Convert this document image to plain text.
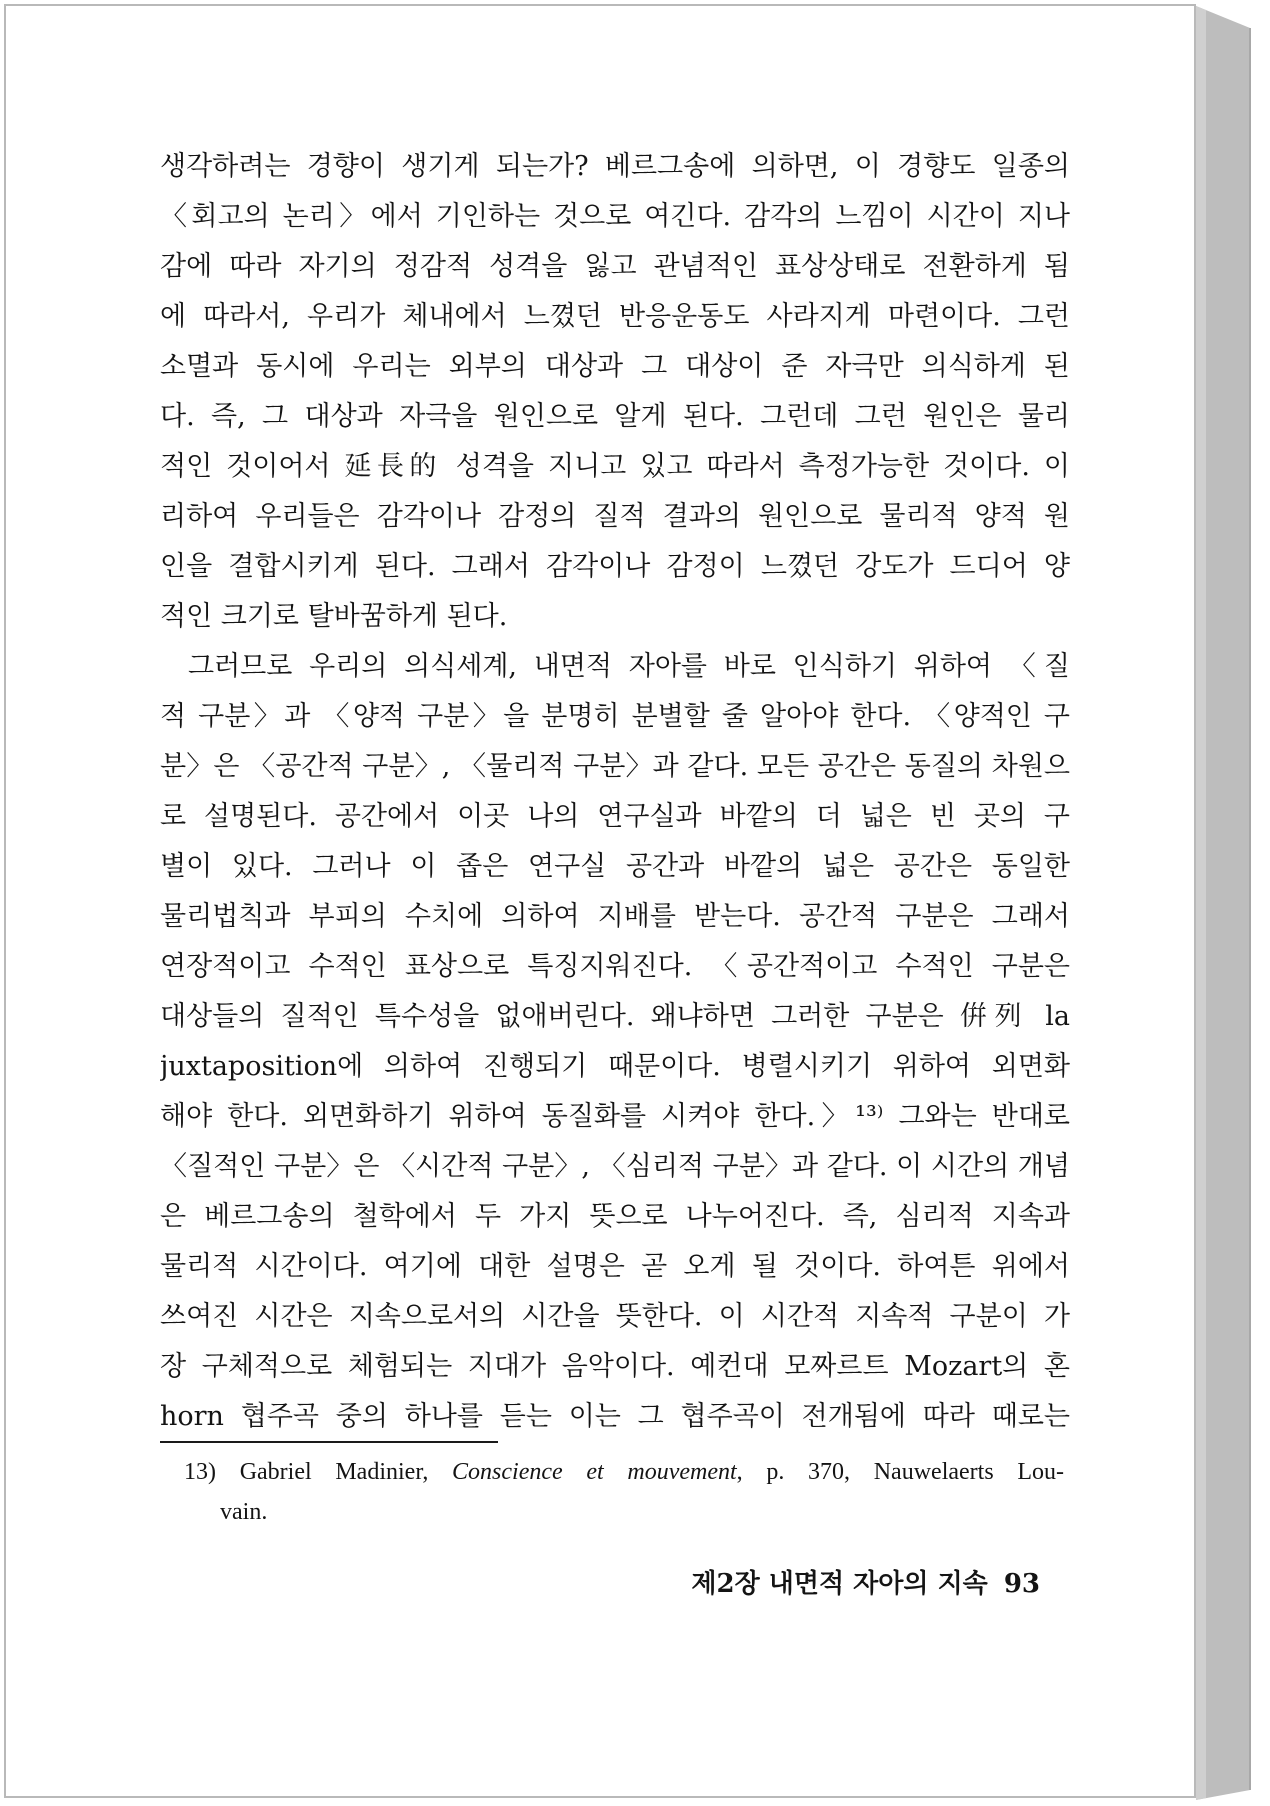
생각하려는 경향이 생기게 되는가? 베르그송에 의하면, 이 경향도 일종의
〈회고의 논리〉에서 기인하는 것으로 여긴다. 감각의 느낌이 시간이 지나
감에 따라 자기의 정감적 성격을 잃고 관념적인 표상상태로 전환하게 됨
에 따라서, 우리가 체내에서 느꼈던 반응운동도 사라지게 마련이다. 그런
소멸과 동시에 우리는 외부의 대상과 그 대상이 준 자극만 의식하게 된
다. 즉, 그 대상과 자극을 원인으로 알게 된다. 그런데 그런 원인은 물리
적인 것이어서 延長的 성격을 지니고 있고 따라서 측정가능한 것이다. 이
리하여 우리들은 감각이나 감정의 질적 결과의 원인으로 물리적 양적 원
인을 결합시키게 된다. 그래서 감각이나 감정이 느꼈던 강도가 드디어 양
적인 크기로 탈바꿈하게 된다.
그러므로 우리의 의식세계, 내면적 자아를 바로 인식하기 위하여 〈질
적 구분〉과 〈양적 구분〉을 분명히 분별할 줄 알아야 한다. 〈양적인 구
분〉은 〈공간적 구분〉, 〈물리적 구분〉과 같다. 모든 공간은 동질의 차원으
로 설명된다. 공간에서 이곳 나의 연구실과 바깥의 더 넓은 빈 곳의 구
별이 있다. 그러나 이 좁은 연구실 공간과 바깥의 넓은 공간은 동일한
물리법칙과 부피의 수치에 의하여 지배를 받는다. 공간적 구분은 그래서
연장적이고 수적인 표상으로 특징지워진다. 〈공간적이고 수적인 구분은
대상들의 질적인 특수성을 없애버린다. 왜냐하면 그러한 구분은 倂列 la
juxtaposition에 의하여 진행되기 때문이다. 병렬시키기 위하여 외면화
해야 한다. 외면화하기 위하여 동질화를 시켜야 한다.〉¹³⁾ 그와는 반대로
〈질적인 구분〉은 〈시간적 구분〉, 〈심리적 구분〉과 같다. 이 시간의 개념
은 베르그송의 철학에서 두 가지 뜻으로 나누어진다. 즉, 심리적 지속과
물리적 시간이다. 여기에 대한 설명은 곧 오게 될 것이다. 하여튼 위에서
쓰여진 시간은 지속으로서의 시간을 뜻한다. 이 시간적 지속적 구분이 가
장 구체적으로 체험되는 지대가 음악이다. 예컨대 모짜르트 Mozart의 혼
horn 협주곡 중의 하나를 듣는 이는 그 협주곡이 전개됨에 따라 때로는
13) Gabriel Madinier, Conscience et mouvement, p. 370, Nauwelaerts Lou-
vain.
제2장 내면적 자아의 지속 93
